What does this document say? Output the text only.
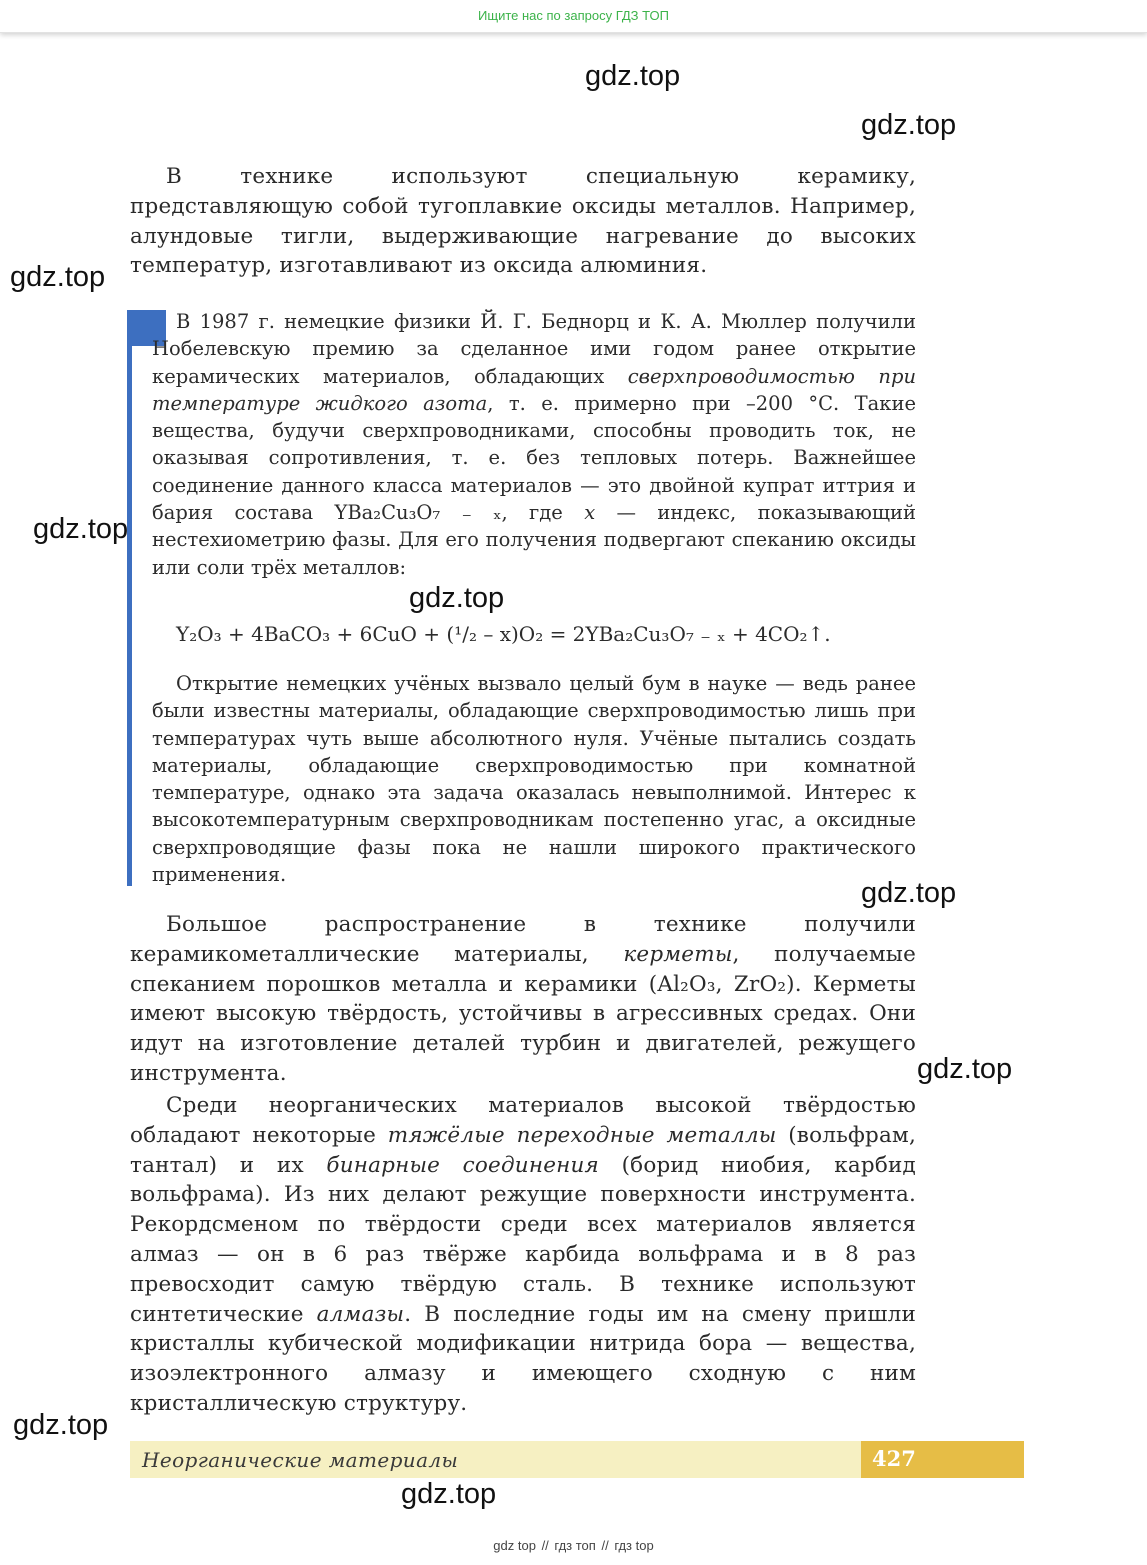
Ищите нас по запросу ГДЗ ТОП
gdz.top
gdz.top
gdz.top

В технике используют специальную керамику, представляющую собой тугоплавкие оксиды металлов. Например, алундовые тигли, выдерживающие нагревание до высоких температур, изготавливают из оксида алюминия.

В 1987 г. немецкие физики Й. Г. Беднорц и К. А. Мюллер получили Нобелевскую премию за сделанное ими годом ранее открытие керамических материалов, обладающих сверхпроводимостью при температуре жидкого азота, т. е. примерно при –200 °С. Такие вещества, будучи сверхпроводниками, способны проводить ток, не оказывая сопротивления, т. е. без тепловых потерь. Важнейшее соединение данного класса материалов — это двойной купрат иттрия и бария состава YBa₂Cu₃O₇ ₋ ₓ, где x — индекс, показывающий нестехиометрию фазы. Для его получения подвергают спеканию оксиды или соли трёх металлов:

gdz.top
gdz.top
Y₂O₃ + 4BaCO₃ + 6CuO + (¹/₂ – x)O₂ = 2YBa₂Cu₃O₇ ₋ ₓ + 4CO₂↑.

Открытие немецких учёных вызвало целый бум в науке — ведь ранее были известны материалы, обладающие сверхпроводимостью лишь при температурах чуть выше абсолютного нуля. Учёные пытались создать материалы, обладающие сверхпроводимостью при комнатной температуре, однако эта задача оказалась невыполнимой. Интерес к высокотемпературным сверхпроводникам постепенно угас, а оксидные сверхпроводящие фазы пока не нашли широкого практического применения.

gdz.top

Большое распространение в технике получили керамикометаллические материалы, керметы, получаемые спеканием порошков металла и керамики (Al₂O₃, ZrO₂). Керметы имеют высокую твёрдость, устойчивы в агрессивных средах. Они идут на изготовление деталей турбин и двигателей, режущего инструмента.	gdz.top

Среди неорганических материалов высокой твёрдостью обладают некоторые тяжёлые переходные металлы (вольфрам, тантал) и их бинарные соединения (борид ниобия, карбид вольфрама). Из них делают режущие поверхности инструмента. Рекордсменом по твёрдости среди всех материалов является алмаз — он в 6 раз твёрже карбида вольфрама и в 8 раз превосходит самую твёрдую сталь. В технике используют синтетические алмазы. В последние годы им на смену пришли кристаллы кубической модификации нитрида бора — вещества, изоэлектронного алмазу и имеющего сходную с ним кристаллическую структуру.

gdz.top
Неорганические материалы	427
gdz.top
gdz top // гдз топ // гдз top
